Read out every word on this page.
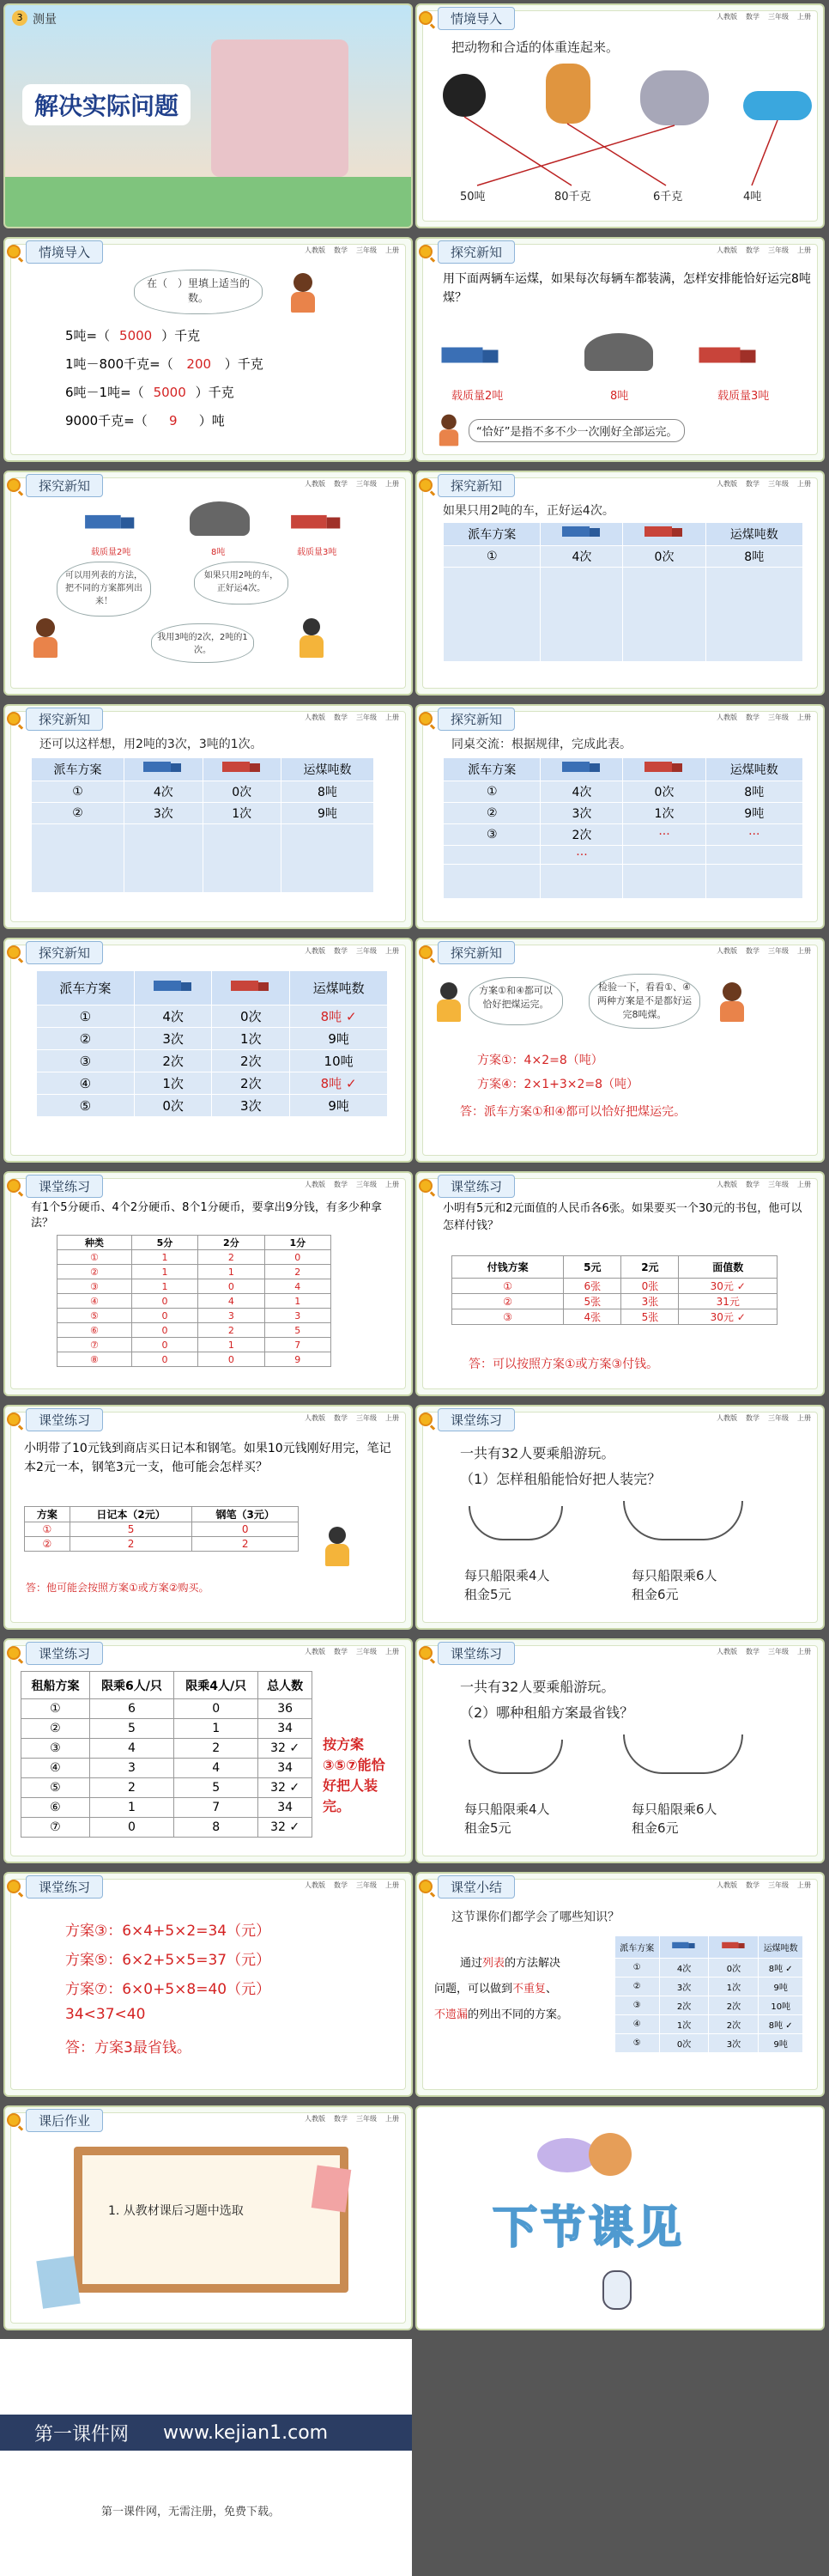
3 测量
解决实际问题
情境导入	人教版 数学 三年级 上册
把动物和合适的体重连起来。
50吨	80千克	6千克	4吨
情境导入	人教版 数学 三年级 上册
在（　）里填上适当的数。
5吨=（ 5000 ）千克
1吨－800千克=（ 200 ）千克
6吨－1吨=（ 5000 ）千克
9000千克=（ 9 ）吨
探究新知	人教版 数学 三年级 上册
用下面两辆车运煤，如果每次每辆车都装满，怎样安排能恰好运完8吨煤？
载质量2吨	8吨	载质量3吨
“恰好”是指不多不少一次刚好全部运完。
探究新知	人教版 数学 三年级 上册
载质量2吨	8吨	载质量3吨
可以用列表的方法，把不同的方案都列出来！
如果只用2吨的车，正好运4次。
我用3吨的2次，2吨的1次。
探究新知	人教版 数学 三年级 上册
如果只用2吨的车，正好运4次。
派车方案			运煤吨数
①	4次	0次	8吨

探究新知	人教版 数学 三年级 上册
还可以这样想，用2吨的3次，3吨的1次。
派车方案			运煤吨数
①	4次	0次	8吨
②	3次	1次	9吨

探究新知	人教版 数学 三年级 上册
同桌交流：根据规律，完成此表。
派车方案			运煤吨数
①	4次	0次	8吨
②	3次	1次	9吨
③	2次	···	···
	···		

探究新知	人教版 数学 三年级 上册
派车方案			运煤吨数
①	4次	0次	8吨 ✓
②	3次	1次	9吨
③	2次	2次	10吨
④	1次	2次	8吨 ✓
⑤	0次	3次	9吨
探究新知	人教版 数学 三年级 上册
方案①和④都可以恰好把煤运完。
检验一下，看看①、④两种方案是不是都好运完8吨煤。
方案①：4×2=8（吨）
方案④：2×1+3×2=8（吨）
答：派车方案①和④都可以恰好把煤运完。
课堂练习	人教版 数学 三年级 上册
有1个5分硬币、4个2分硬币、8个1分硬币，要拿出9分钱，有多少种拿法？
种类	5分	2分	1分
①	1	2	0
②	1	1	2
③	1	0	4
④	0	4	1
⑤	0	3	3
⑥	0	2	5
⑦	0	1	7
⑧	0	0	9
课堂练习	人教版 数学 三年级 上册
小明有5元和2元面值的人民币各6张。如果要买一个30元的书包，他可以怎样付钱？
付钱方案	5元	2元	面值数
①	6张	0张	30元 ✓
②	5张	3张	31元
③	4张	5张	30元 ✓
答：可以按照方案①或方案③付钱。
课堂练习	人教版 数学 三年级 上册
小明带了10元钱到商店买日记本和钢笔。如果10元钱刚好用完，笔记本2元一本，钢笔3元一支，他可能会怎样买？
方案	日记本（2元）	钢笔（3元）
①	5	0
②	2	2
答：他可能会按照方案①或方案②购买。
课堂练习	人教版 数学 三年级 上册
一共有32人要乘船游玩。
（1）怎样租船能恰好把人装完？
每只船限乘4人
租金5元
每只船限乘6人
租金6元
课堂练习	人教版 数学 三年级 上册
租船方案	限乘6人/只	限乘4人/只	总人数
①	6	0	36
②	5	1	34
③	4	2	32 ✓
④	3	4	34
⑤	2	5	32 ✓
⑥	1	7	34
⑦	0	8	32 ✓
按方案③⑤⑦能恰好把人装完。
课堂练习	人教版 数学 三年级 上册
一共有32人要乘船游玩。
（2）哪种租船方案最省钱？
每只船限乘4人
租金5元
每只船限乘6人
租金6元
课堂练习	人教版 数学 三年级 上册
方案③：6×4+5×2=34（元）
方案⑤：6×2+5×5=37（元）
方案⑦：6×0+5×8=40（元）
34<37<40
答：方案3最省钱。
课堂小结	人教版 数学 三年级 上册
这节课你们都学会了哪些知识？
通过列表的方法解决
问题，可以做到不重复、
不遗漏的列出不同的方案。
派车方案			运煤吨数
①	4次	0次	8吨 ✓
②	3次	1次	9吨
③	2次	2次	10吨
④	1次	2次	8吨 ✓
⑤	0次	3次	9吨
课后作业	人教版 数学 三年级 上册
1. 从教材课后习题中选取	下节课见
第一课件网 www.kejian1.com
第一课件网，无需注册，免费下载。
